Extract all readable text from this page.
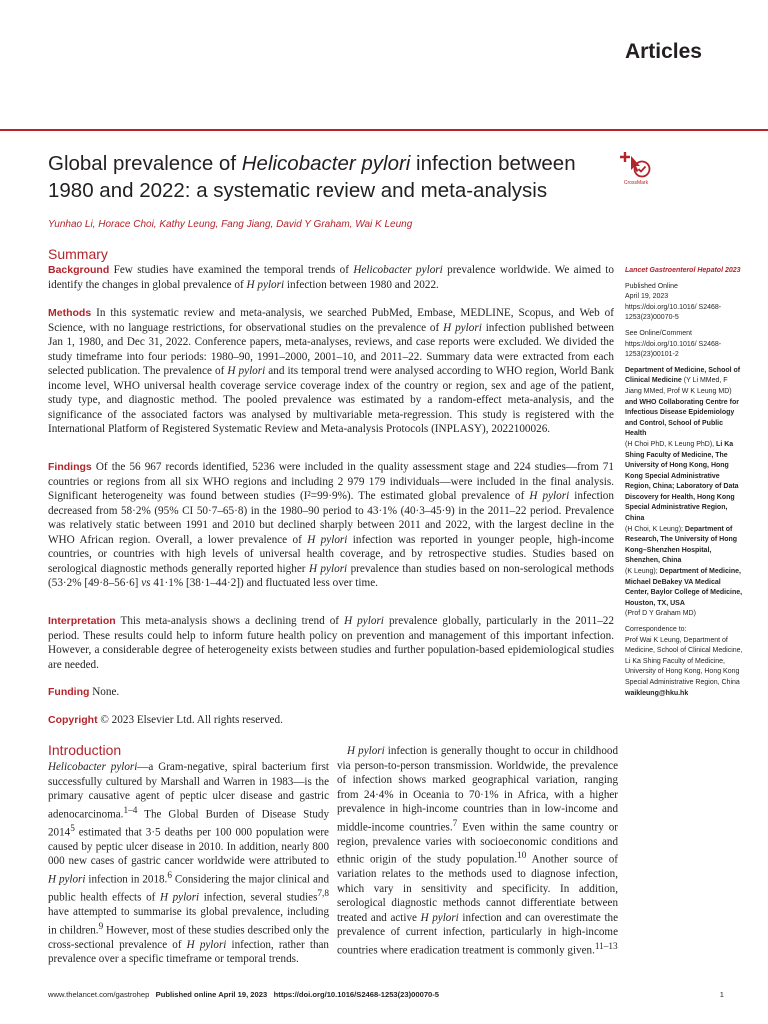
Articles
Global prevalence of Helicobacter pylori infection between 1980 and 2022: a systematic review and meta-analysis	CrossMark
Yunhao Li, Horace Choi, Kathy Leung, Fang Jiang, David Y Graham, Wai K Leung
Summary

Background Few studies have examined the temporal trends of Helicobacter pylori prevalence worldwide. We aimed to identify the changes in global prevalence of H pylori infection between 1980 and 2022.

Methods In this systematic review and meta-analysis, we searched PubMed, Embase, MEDLINE, Scopus, and Web of Science, with no language restrictions, for observational studies on the prevalence of H pylori infection published between Jan 1, 1980, and Dec 31, 2022. Conference papers, meta-analyses, reviews, and case reports were excluded. We divided the study timeframe into four periods: 1980–90, 1991–2000, 2001–10, and 2011–22. Summary data were extracted from each selected publication. The prevalence of H pylori and its temporal trend were analysed according to WHO region, World Bank income level, WHO universal health coverage service coverage index of the country or region, sex and age of the patient, study type, and diagnostic method. The pooled prevalence was estimated by a random-effect meta-analysis, and the significance of the associated factors was analysed by multivariable meta-regression. This study is registered with the International Platform of Registered Systematic Review and Meta-analysis Protocols (INPLASY), 2022100026.

Findings Of the 56 967 records identified, 5236 were included in the quality assessment stage and 224 studies—from 71 countries or regions from all six WHO regions and including 2 979 179 individuals—were included in the final analysis. Significant heterogeneity was found between studies (I²=99·9%). The estimated global prevalence of H pylori infection decreased from 58·2% (95% CI 50·7–65·8) in the 1980–90 period to 43·1% (40·3–45·9) in the 2011–22 period. Prevalence was relatively static between 1991 and 2010 but declined sharply between 2011 and 2022, with the largest decline in the WHO African region. Overall, a lower prevalence of H pylori infection was reported in younger people, high-income countries, or countries with high levels of universal health coverage, and by retrospective studies. Studies based on serological diagnostic methods generally reported higher H pylori prevalence than studies based on non-serological methods (53·2% [49·8–56·6] vs 41·1% [38·1–44·2]) and fluctuated less over time.

Interpretation This meta-analysis shows a declining trend of H pylori prevalence globally, particularly in the 2011–22 period. These results could help to inform future health policy on prevention and management of this important infection. However, a considerable degree of heterogeneity exists between studies and further population-based epidemiological studies are needed.

Funding None.

Copyright © 2023 Elsevier Ltd. All rights reserved.

Lancet Gastroenterol Hepatol 2023

Published Online

April 19, 2023

https://doi.org/10.1016/ S2468-1253(23)00070-5

See Online/Comment

https://doi.org/10.1016/ S2468-1253(23)00101-2

Department of Medicine, School of Clinical Medicine (Y Li MMed, F Jiang MMed, Prof W K Leung MD) and WHO Collaborating Centre for Infectious Disease Epidemiology and Control, School of Public Health

(H Choi PhD, K Leung PhD), Li Ka Shing Faculty of Medicine, The University of Hong Kong, Hong Kong Special Administrative Region, China; Laboratory of Data Discovery for Health, Hong Kong Special Administrative Region, China

(H Choi, K Leung); Department of Research, The University of Hong Kong–Shenzhen Hospital, Shenzhen, China

(K Leung); Department of Medicine, Michael DeBakey VA Medical Center, Baylor College of Medicine, Houston, TX, USA

(Prof D Y Graham MD)

Correspondence to:

Prof Wai K Leung, Department of Medicine, School of Clinical Medicine, Li Ka Shing Faculty of Medicine, University of Hong Kong, Hong Kong Special Administrative Region, China

waikleung@hku.hk

Introduction

Helicobacter pylori—a Gram-negative, spiral bacterium first successfully cultured by Marshall and Warren in 1983—is the primary causative agent of peptic ulcer disease and gastric adenocarcinoma.$^{1-4}$ The Global Burden of Disease Study 2014$^5$ estimated that 3·5 deaths per 100 000 population were caused by peptic ulcer disease in 2010. In addition, nearly 800 000 new cases of gastric cancer worldwide were attributed to H pylori infection in 2018.$^6$ Considering the major clinical and public health effects of H pylori infection, several studies$^{7,8}$ have attempted to summarise its global prevalence, including in children.$^9$ However, most of these studies described only the cross-sectional prevalence of H pylori infection, rather than prevalence over a specific timeframe or temporal trends.

H pylori infection is generally thought to occur in childhood via person-to-person transmission. Worldwide, the prevalence of infection shows marked geographical variation, ranging from 24·4% in Oceania to 70·1% in Africa, with a higher prevalence in high-income countries than in low-income and middle-income countries.$^7$ Even within the same country or region, prevalence varies with socioeconomic conditions and ethnic origin of the study population.$^{10}$ Another source of variation relates to the methods used to diagnose infection, which vary in sensitivity and specificity. In addition, serological diagnostic methods cannot differentiate between treated and active H pylori infection and can overestimate the prevalence of current infection, particularly in high-income countries where eradication treatment is commonly given.$^{11-13}$

www.thelancet.com/gastrohep Published online April 19, 2023 https://doi.org/10.1016/S2468-1253(23)00070-5	1
